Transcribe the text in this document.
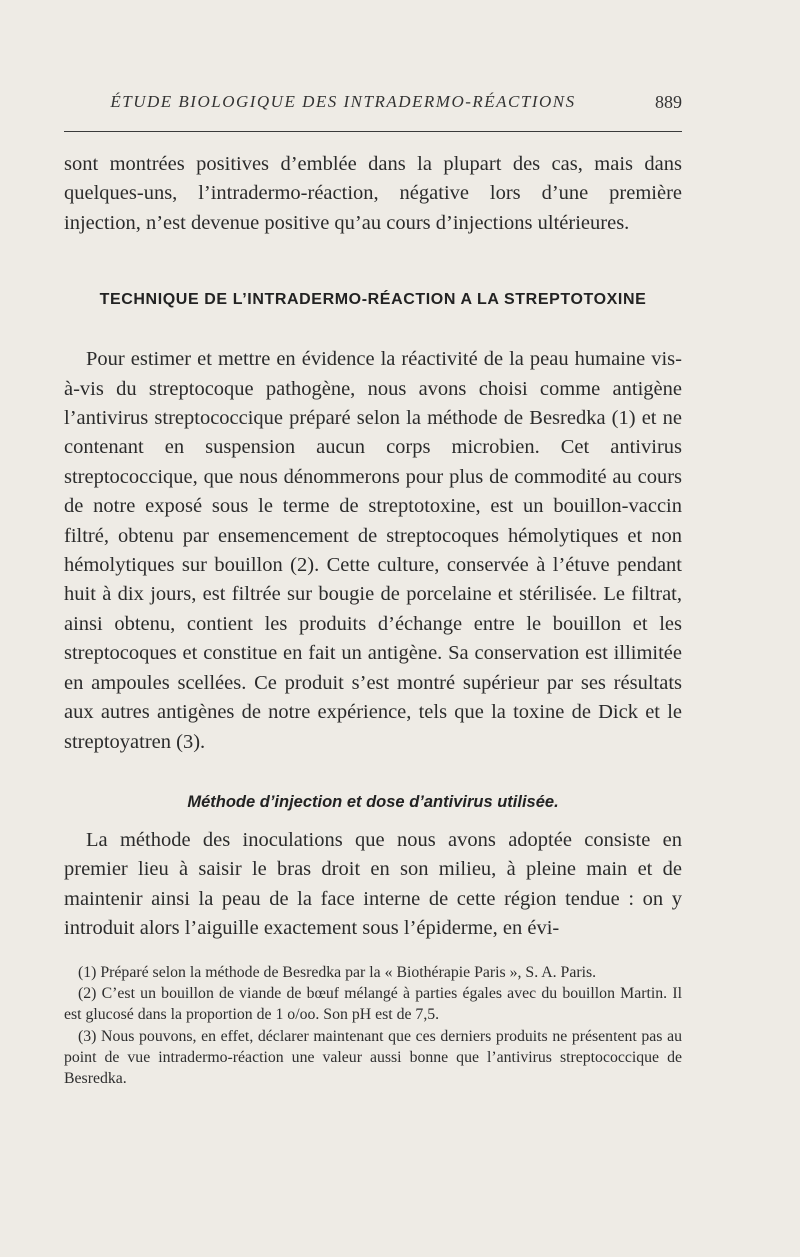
ÉTUDE BIOLOGIQUE DES INTRADERMO-RÉACTIONS	889

sont montrées positives d’emblée dans la plupart des cas, mais dans quelques-uns, l’intradermo-réaction, négative lors d’une première injection, n’est devenue positive qu’au cours d’injections ultérieures.

TECHNIQUE DE L’INTRADERMO-RÉACTION A LA STREPTOTOXINE

Pour estimer et mettre en évidence la réactivité de la peau humaine vis-à-vis du streptocoque pathogène, nous avons choisi comme antigène l’antivirus streptococcique préparé selon la méthode de Besredka (1) et ne contenant en suspension aucun corps microbien. Cet antivirus streptococcique, que nous dénommerons pour plus de commodité au cours de notre exposé sous le terme de streptotoxine, est un bouillon-vaccin filtré, obtenu par ensemencement de streptocoques hémolytiques et non hémolytiques sur bouillon (2). Cette culture, conservée à l’étuve pendant huit à dix jours, est filtrée sur bougie de porcelaine et stérilisée. Le filtrat, ainsi obtenu, contient les produits d’échange entre le bouillon et les streptocoques et constitue en fait un antigène. Sa conservation est illimitée en ampoules scellées. Ce produit s’est montré supérieur par ses résultats aux autres antigènes de notre expérience, tels que la toxine de Dick et le streptoyatren (3).

Méthode d’injection et dose d’antivirus utilisée.

La méthode des inoculations que nous avons adoptée consiste en premier lieu à saisir le bras droit en son milieu, à pleine main et de maintenir ainsi la peau de la face interne de cette région tendue : on y introduit alors l’aiguille exactement sous l’épiderme, en évi-

(1) Préparé selon la méthode de Besredka par la « Biothérapie Paris », S. A. Paris.

(2) C’est un bouillon de viande de bœuf mélangé à parties égales avec du bouillon Martin. Il est glucosé dans la proportion de 1 o/oo. Son pH est de 7,5.

(3) Nous pouvons, en effet, déclarer maintenant que ces derniers produits ne présentent pas au point de vue intradermo-réaction une valeur aussi bonne que l’antivirus streptococcique de Besredka.
